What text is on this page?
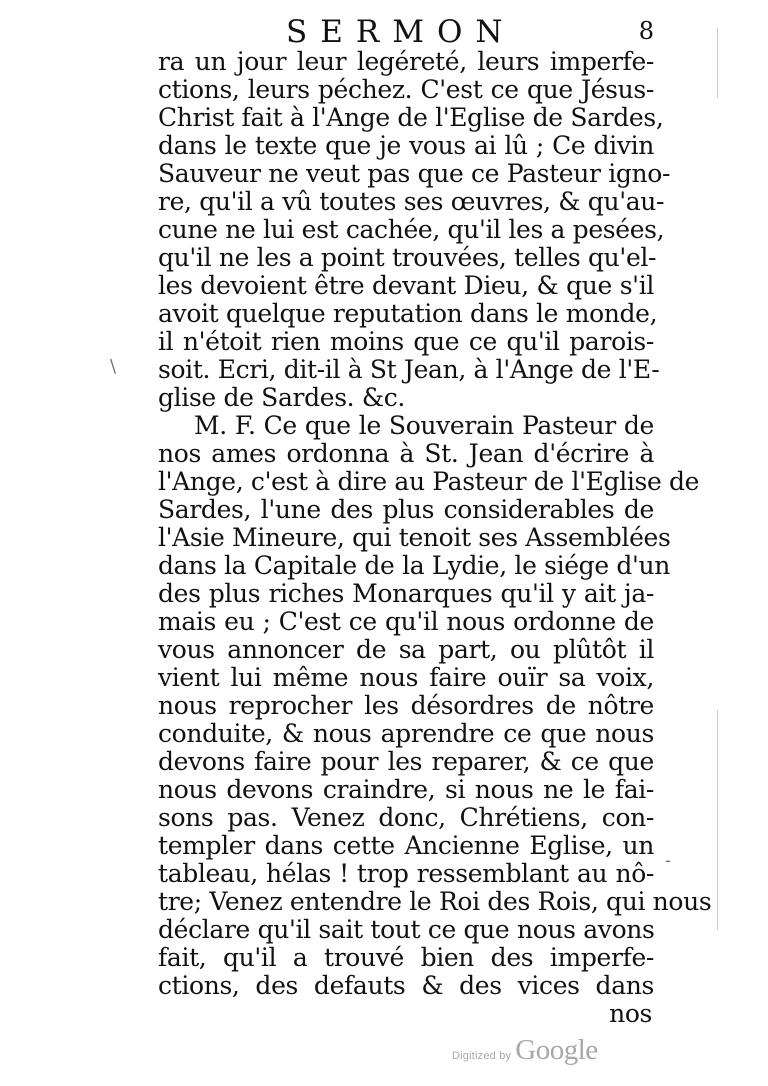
SERMON	8
ra un jour leur legéreté, leurs imperfe-
ctions, leurs péchez. C'est ce que Jésus-
Christ fait à l'Ange de l'Eglise de Sardes,
dans le texte que je vous ai lû ; Ce divin
Sauveur ne veut pas que ce Pasteur igno-
re, qu'il a vû toutes ses œuvres, & qu'au-
cune ne lui est cachée, qu'il les a pesées,
qu'il ne les a point trouvées, telles qu'el-
les devoient être devant Dieu, & que s'il
avoit quelque reputation dans le monde,
il n'étoit rien moins que ce qu'il parois-
soit. Ecri, dit-il à St Jean, à l'Ange de l'E-
glise de Sardes. &c.
M. F. Ce que le Souverain Pasteur de
nos ames ordonna à St. Jean d'écrire à
l'Ange, c'est à dire au Pasteur de l'Eglise de
Sardes, l'une des plus considerables de
l'Asie Mineure, qui tenoit ses Assemblées
dans la Capitale de la Lydie, le siége d'un
des plus riches Monarques qu'il y ait ja-
mais eu ; C'est ce qu'il nous ordonne de
vous annoncer de sa part, ou plûtôt il
vient lui même nous faire ouïr sa voix,
nous reprocher les désordres de nôtre
conduite, & nous aprendre ce que nous
devons faire pour les reparer, & ce que
nous devons craindre, si nous ne le fai-
sons pas. Venez donc, Chrétiens, con-
templer dans cette Ancienne Eglise, un
tableau, hélas ! trop ressemblant au nô-
tre; Venez entendre le Roi des Rois, qui nous
déclare qu'il sait tout ce que nous avons
fait, qu'il a trouvé bien des imperfe-
ctions, des defauts & des vices dans
nos
\
-
Digitized by Google
